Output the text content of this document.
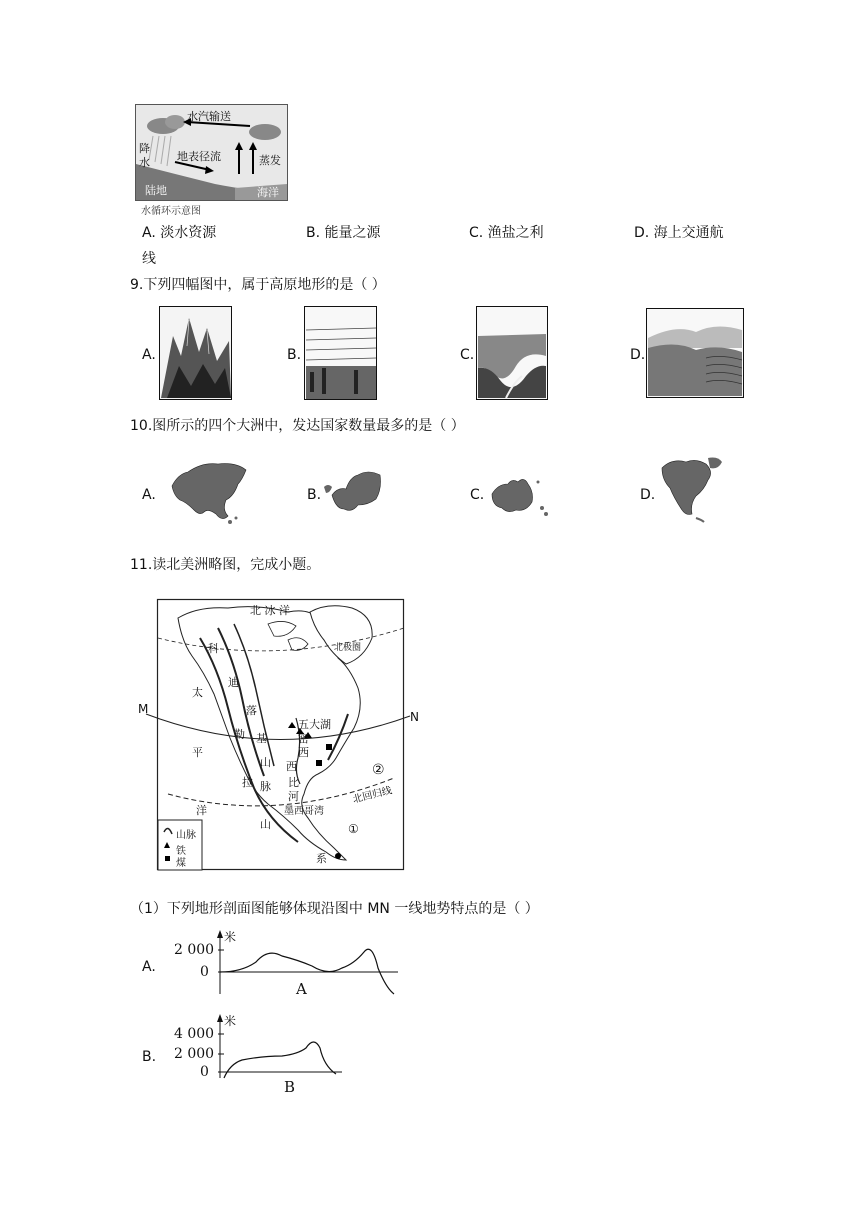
水汽输送
降
水 地表径流	蒸发
陆地	海洋
水循环示意图
A. 淡水资源	B. 能量之源	C. 渔盐之利	D. 海上交通航
线
9.下列四幅图中，属于高原地形的是（ ）
A.	B.	C.	D.
10.图所示的四个大洲中，发达国家数量最多的是（ ）
A.	B.	C.	D.
11.读北美洲略图，完成小题。
北 冰 洋
北极圈
太
平
洋
科
迪
勒
拉
落
基
山
脉
山
系
五大湖
密
西
西
比
河
墨西哥湾
北回归线
M
N
①
②
山脉
铁
煤
（1）下列地形剖面图能够体现沿图中 MN 一线地势特点的是（ ）
A.
米
2 000
0
A
B.
米
4 000
2 000
0
B
